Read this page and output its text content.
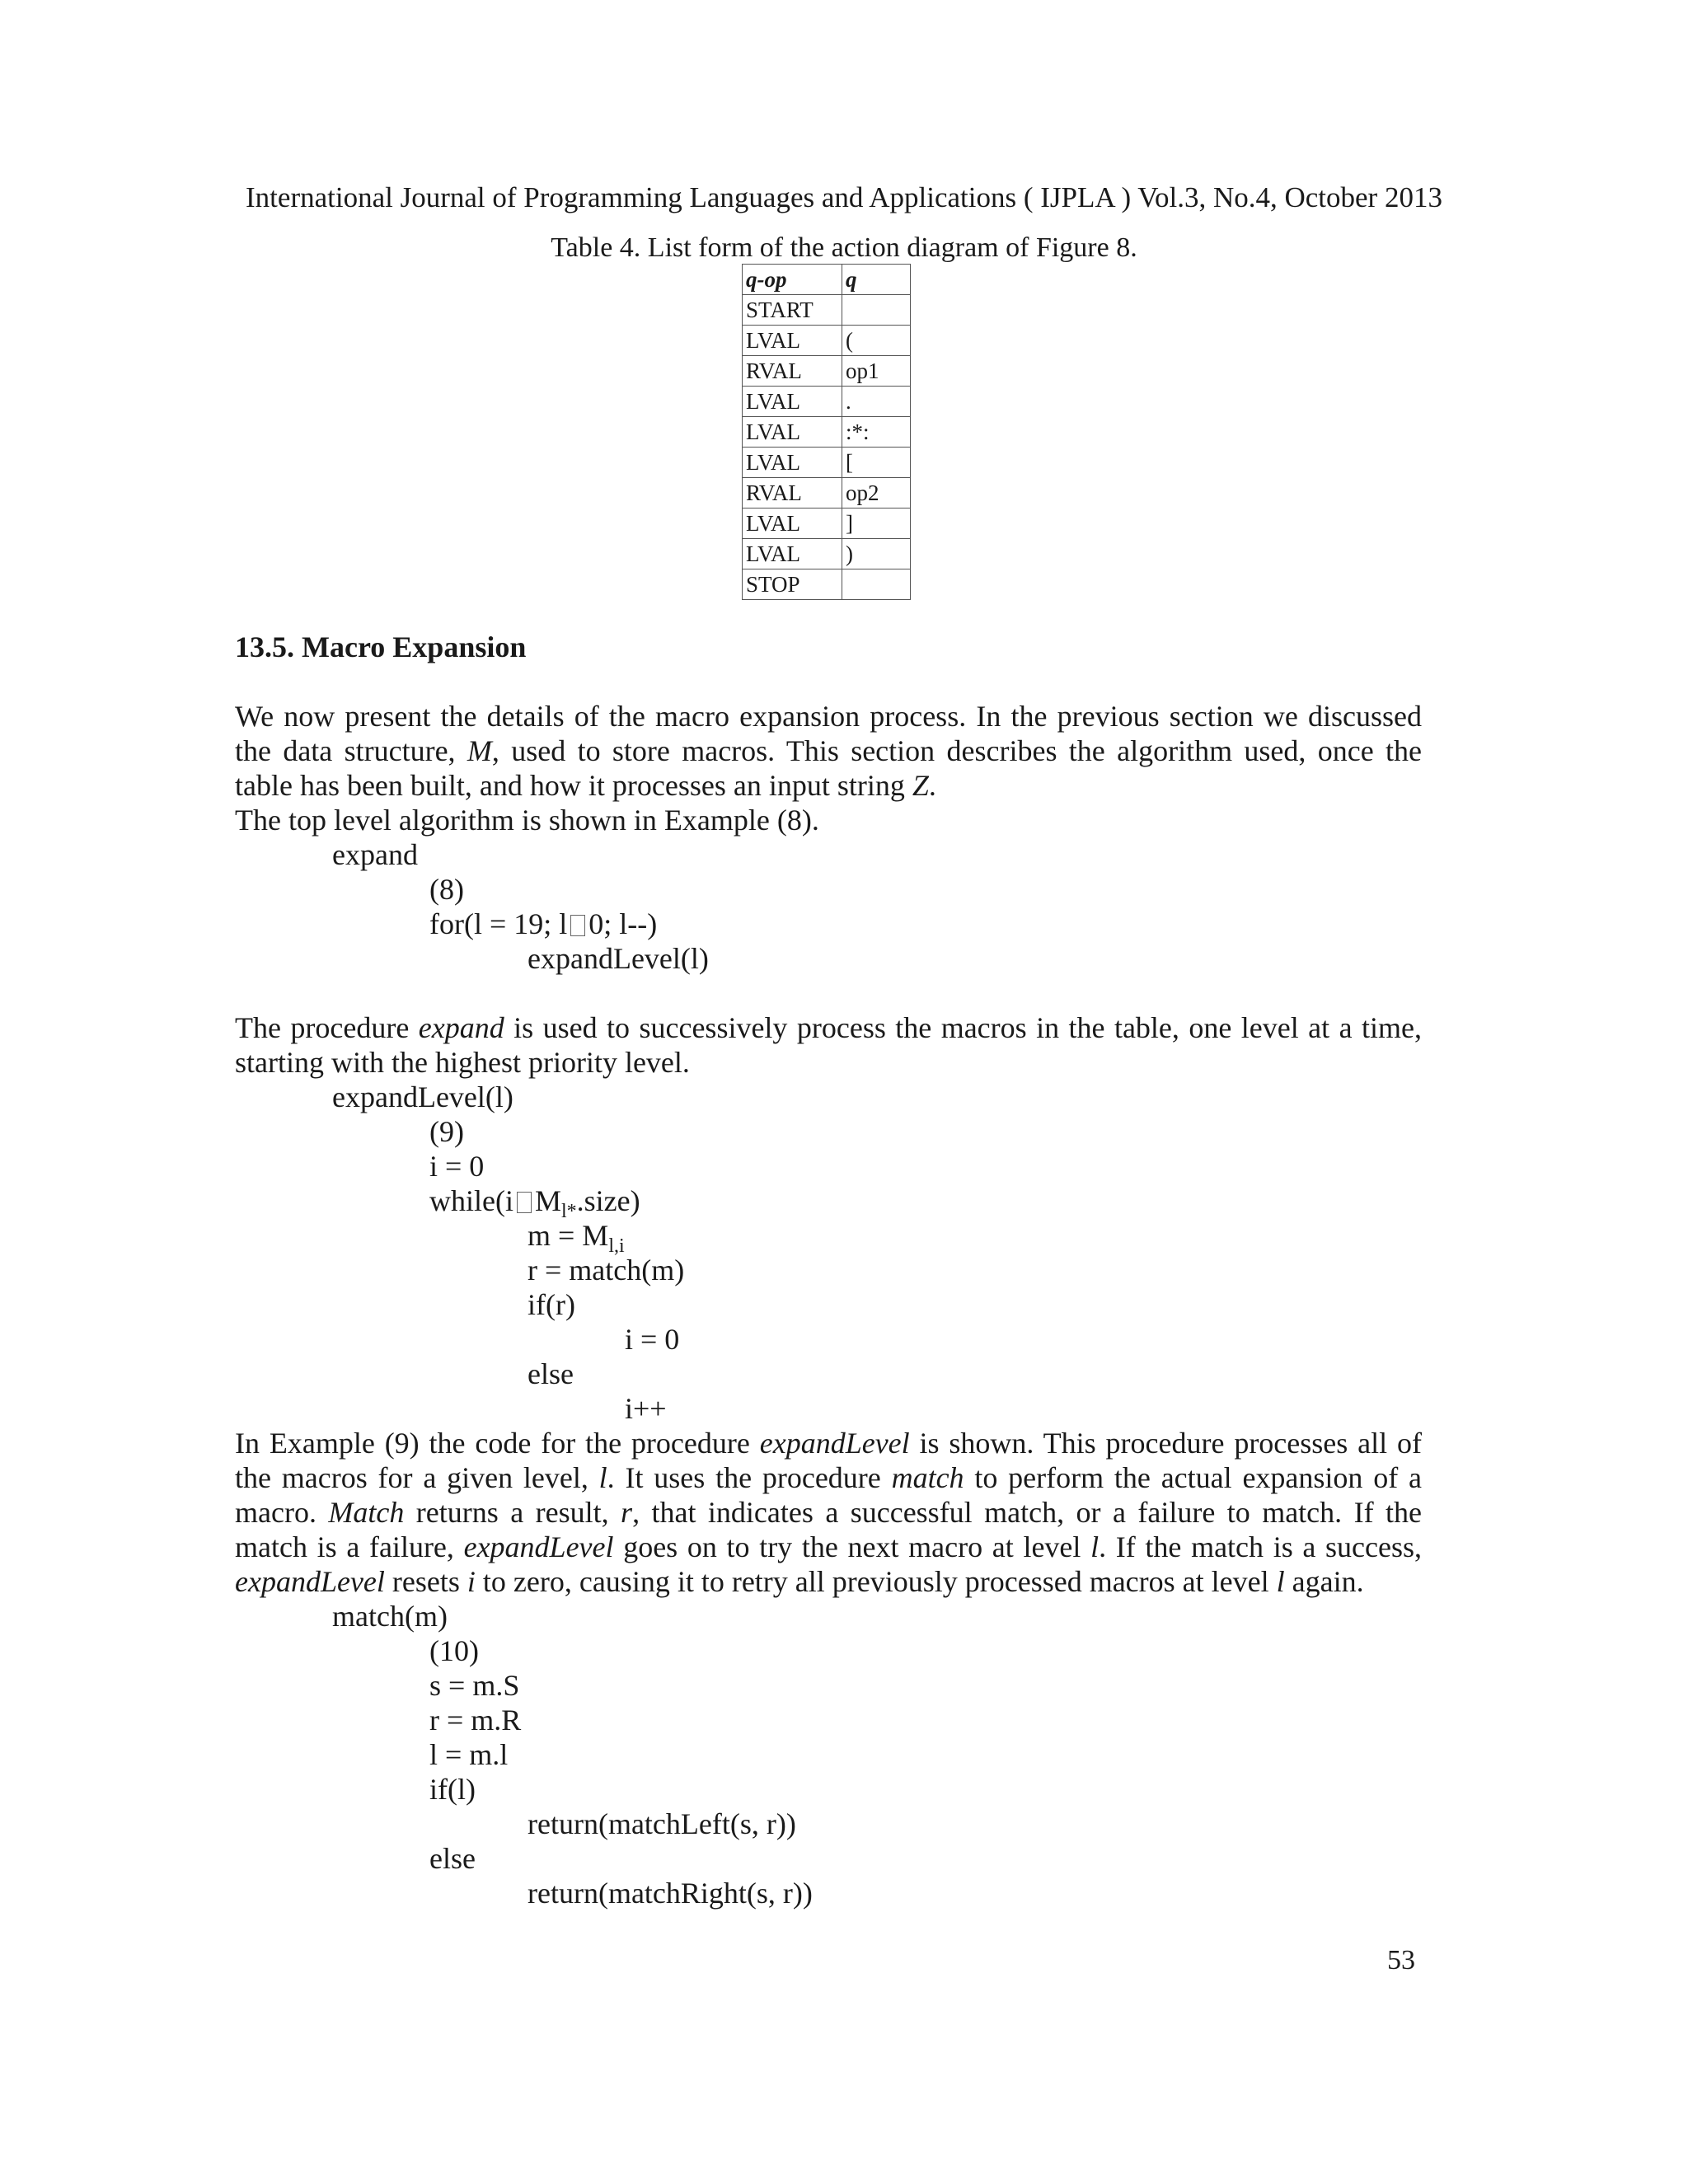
International Journal of Programming Languages and Applications ( IJPLA ) Vol.3, No.4, October 2013
Table 4. List form of the action diagram of Figure 8.
q-op	q
START	
LVAL	(
RVAL	op1
LVAL	.
LVAL	:*:
LVAL	[
RVAL	op2
LVAL	]
LVAL	)
STOP	
13.5. Macro Expansion
We now present the details of the macro expansion process. In the previous section we discussed
the data structure, M, used to store macros. This section describes the algorithm used, once the
table has been built, and how it processes an input string Z.
The top level algorithm is shown in Example (8).
expand
(8)
for(l = 19; l 0; l--)
expandLevel(l)
The procedure expand is used to successively process the macros in the table, one level at a time,
starting with the highest priority level.
expandLevel(l)
(9)
i = 0
while(i $M_{l*}.size$)
$m = M_{l,i}$
r = match(m)
if(r)
i = 0
else
i++
In Example (9) the code for the procedure expandLevel is shown. This procedure processes all of
the macros for a given level, l. It uses the procedure match to perform the actual expansion of a
macro. Match returns a result, r, that indicates a successful match, or a failure to match. If the
match is a failure, expandLevel goes on to try the next macro at level l. If the match is a success,
expandLevel resets i to zero, causing it to retry all previously processed macros at level l again.
match(m)
(10)
s = m.S
r = m.R
l = m.l
if(l)
return(matchLeft(s, r))
else
return(matchRight(s, r))
53
